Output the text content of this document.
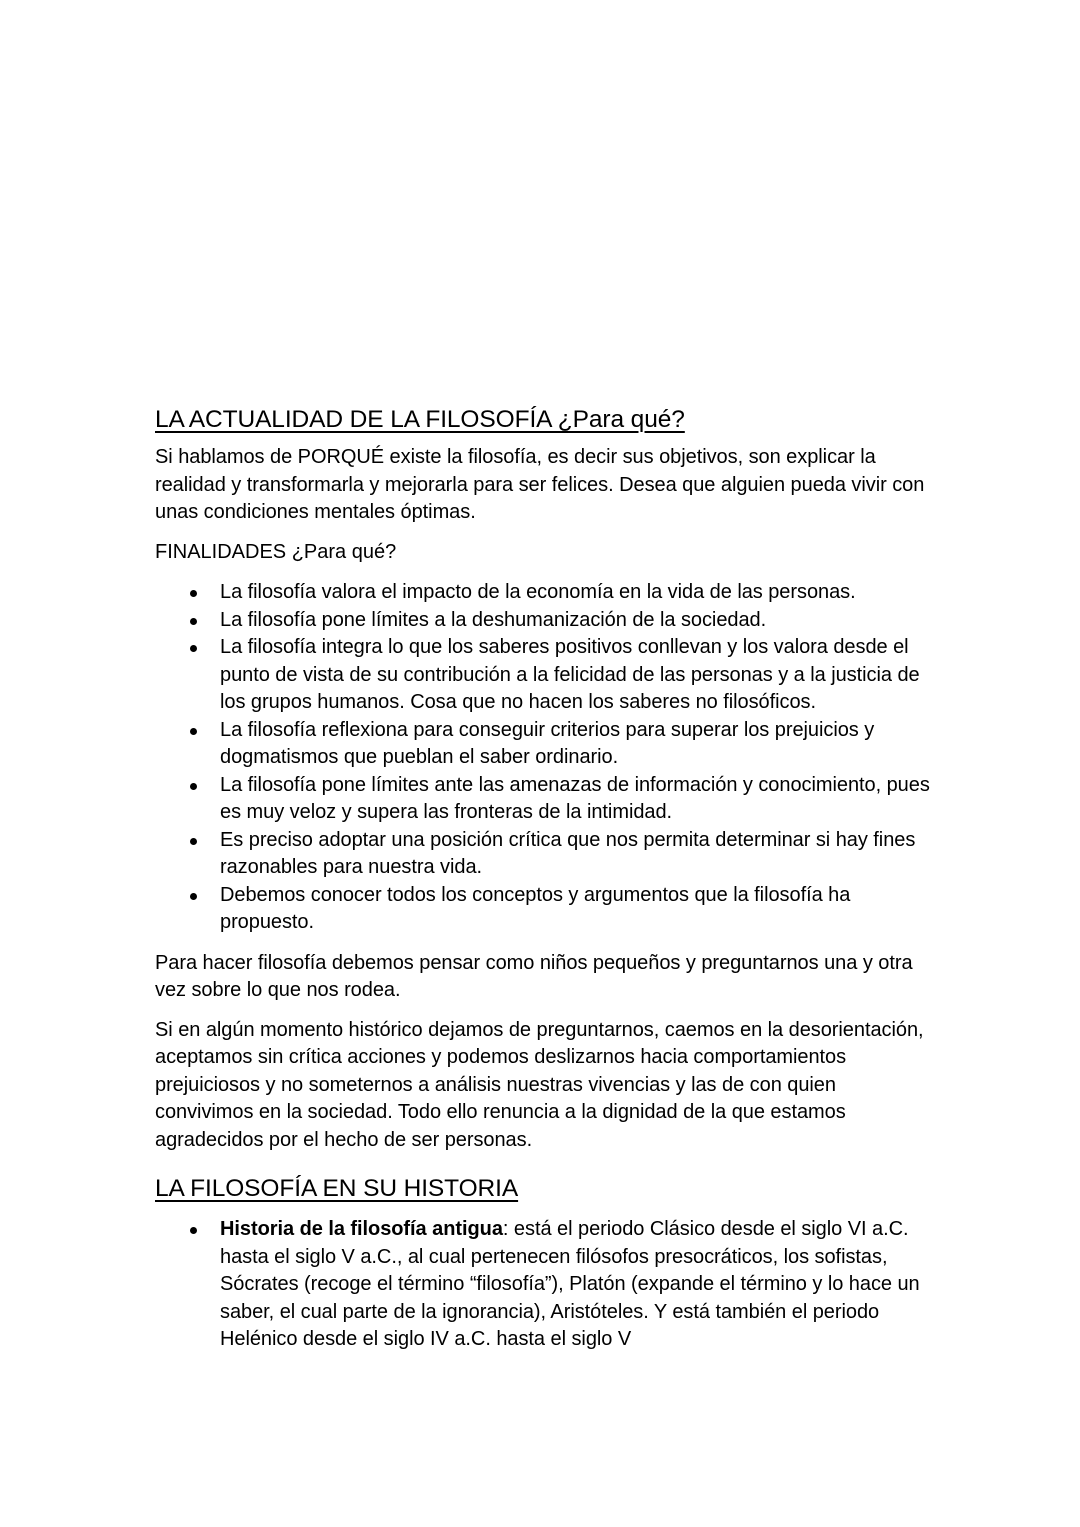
LA ACTUALIDAD DE LA FILOSOFÍA ¿Para qué?

Si hablamos de PORQUÉ existe la filosofía, es decir sus objetivos, son explicar la realidad y transformarla y mejorarla para ser felices. Desea que alguien pueda vivir con unas condiciones mentales óptimas.

FINALIDADES ¿Para qué?

La filosofía valora el impacto de la economía en la vida de las personas.
La filosofía pone límites a la deshumanización de la sociedad.
La filosofía integra lo que los saberes positivos conllevan y los valora desde el punto de vista de su contribución a la felicidad de las personas y a la justicia de los grupos humanos. Cosa que no hacen los saberes no filosóficos.
La filosofía reflexiona para conseguir criterios para superar los prejuicios y dogmatismos que pueblan el saber ordinario.
La filosofía pone límites ante las amenazas de información y conocimiento, pues es muy veloz y supera las fronteras de la intimidad.
Es preciso adoptar una posición crítica que nos permita determinar si hay fines razonables para nuestra vida.
Debemos conocer todos los conceptos y argumentos que la filosofía ha propuesto.

Para hacer filosofía debemos pensar como niños pequeños y preguntarnos una y otra vez sobre lo que nos rodea.

Si en algún momento histórico dejamos de preguntarnos, caemos en la desorientación, aceptamos sin crítica acciones y podemos deslizarnos hacia comportamientos prejuiciosos y no someternos a análisis nuestras vivencias y las de con quien convivimos en la sociedad. Todo ello renuncia a la dignidad de la que estamos agradecidos por el hecho de ser personas.

LA FILOSOFÍA EN SU HISTORIA
Historia de la filosofía antigua: está el periodo Clásico desde el siglo VI a.C. hasta el siglo V a.C., al cual pertenecen filósofos presocráticos, los sofistas, Sócrates (recoge el término “filosofía”), Platón (expande el término y lo hace un saber, el cual parte de la ignorancia), Aristóteles. Y está también el periodo Helénico desde el siglo IV a.C. hasta el siglo V
